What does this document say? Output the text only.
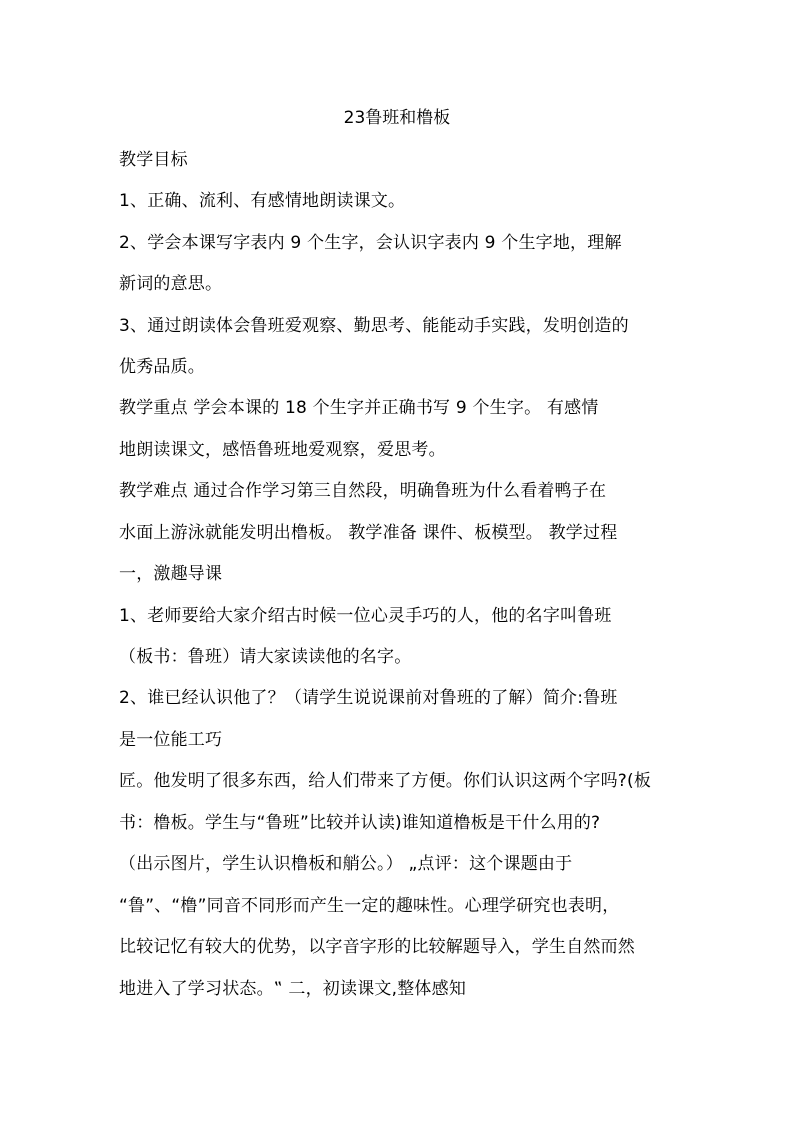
23鲁班和橹板
教学目标
1、正确、流利、有感情地朗读课文。
2、学会本课写字表内 9 个生字，会认识字表内 9 个生字地，理解
新词的意思。
3、通过朗读体会鲁班爱观察、勤思考、能能动手实践，发明创造的
优秀品质。
教学重点 学会本课的 18 个生字并正确书写 9 个生字。 有感情
地朗读课文，感悟鲁班地爱观察，爱思考。
教学难点 通过合作学习第三自然段，明确鲁班为什么看着鸭子在
水面上游泳就能发明出橹板。 教学准备 课件、板模型。 教学过程
一，激趣导课
1、老师要给大家介绍古时候一位心灵手巧的人，他的名字叫鲁班
（板书：鲁班）请大家读读他的名字。
2、谁已经认识他了？（请学生说说课前对鲁班的了解）简介:鲁班
是一位能工巧
匠。他发明了很多东西，给人们带来了方便。你们认识这两个字吗?(板
书：橹板。学生与“鲁班”比较并认读)谁知道橹板是干什么用的?
（出示图片，学生认识橹板和艄公。） „点评：这个课题由于
“鲁”、“橹”同音不同形而产生一定的趣味性。心理学研究也表明，
比较记忆有较大的优势，以字音字形的比较解题导入，学生自然而然
地进入了学习状态。‟ 二，初读课文,整体感知
